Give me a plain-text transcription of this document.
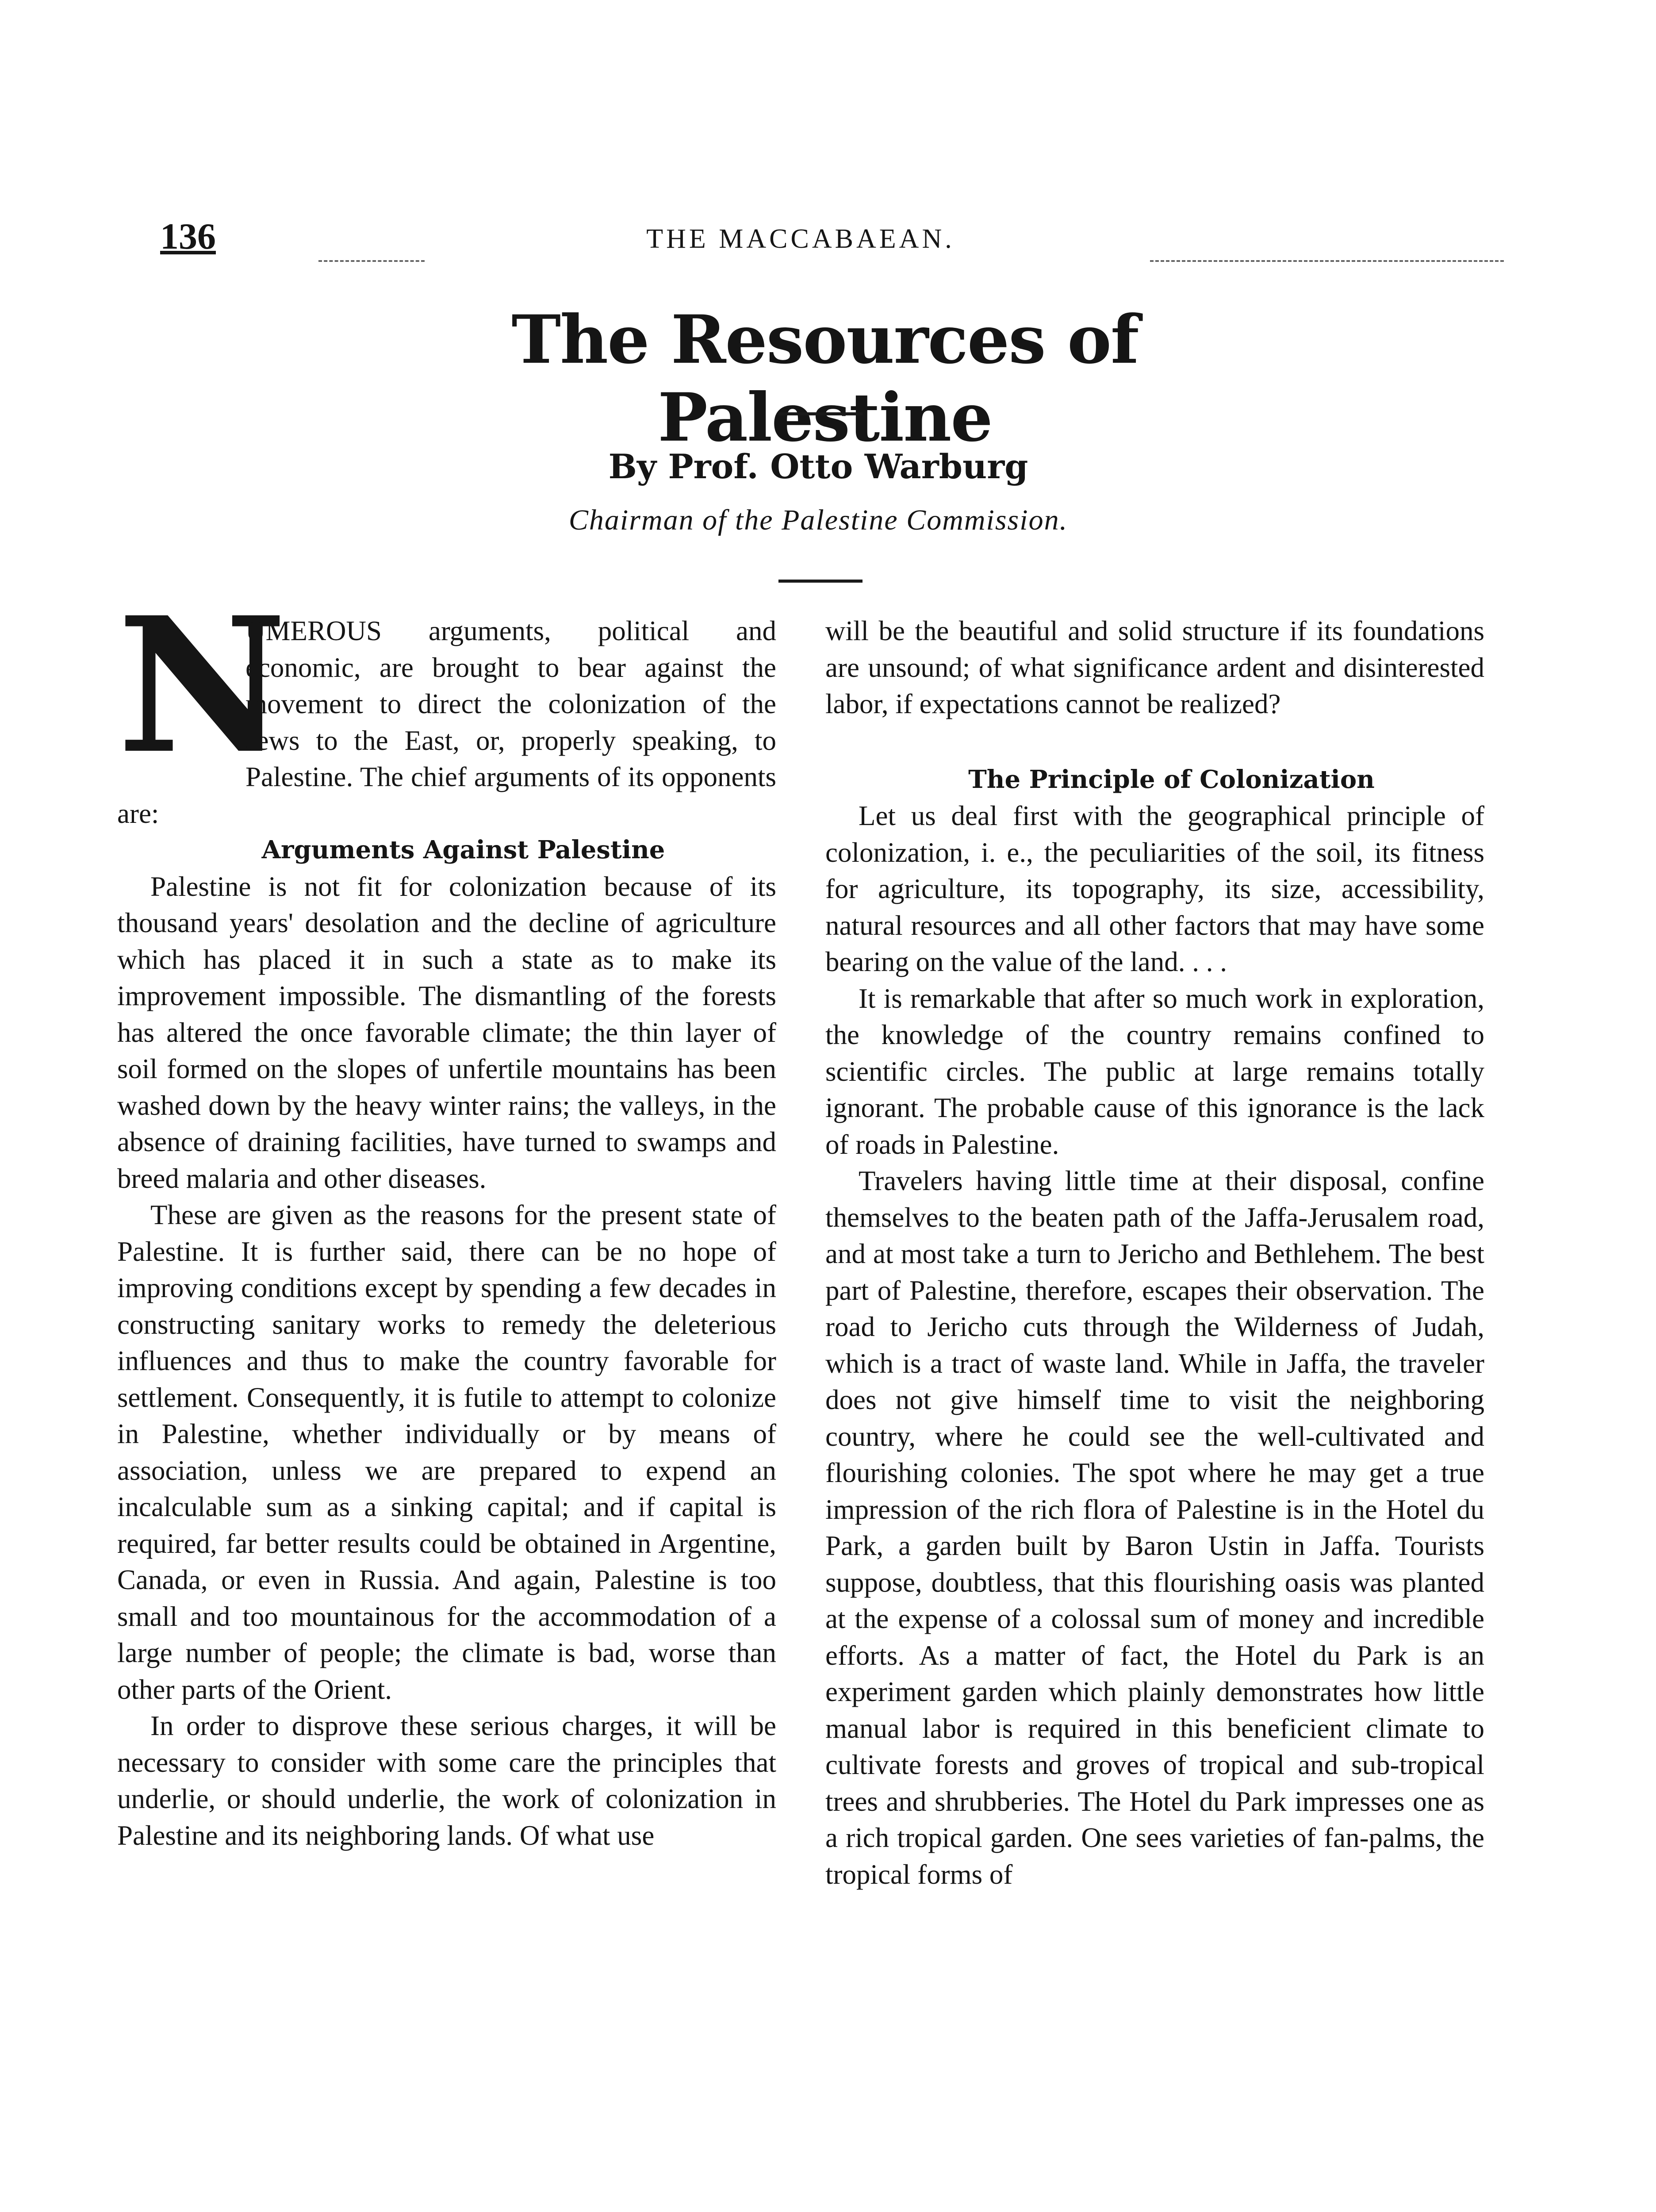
136	THE MACCABAEAN.
The Resources of Palestine
By Prof. Otto Warburg
Chairman of the Palestine Commission.
N

UMEROUS arguments, political and economic, are brought to bear against the movement to direct the colonization of the Jews to the East, or, properly speaking, to Palestine. The chief arguments of its opponents are:

Arguments Against Palestine

Palestine is not fit for colonization because of its thousand years' desolation and the decline of agriculture which has placed it in such a state as to make its improvement impossible. The dismantling of the forests has altered the once favorable climate; the thin layer of soil formed on the slopes of unfertile mountains has been washed down by the heavy winter rains; the valleys, in the absence of draining facilities, have turned to swamps and breed malaria and other diseases.

These are given as the reasons for the present state of Palestine. It is further said, there can be no hope of improving conditions except by spending a few decades in constructing sanitary works to remedy the deleterious influences and thus to make the country favorable for settlement. Consequently, it is futile to attempt to colonize in Palestine, whether individually or by means of association, unless we are prepared to expend an incalculable sum as a sinking capital; and if capital is required, far better results could be obtained in Argentine, Canada, or even in Russia. And again, Palestine is too small and too mountainous for the accommodation of a large number of people; the climate is bad, worse than other parts of the Orient.

In order to disprove these serious charges, it will be necessary to consider with some care the principles that underlie, or should underlie, the work of colonization in Palestine and its neighboring lands. Of what use

will be the beautiful and solid structure if its foundations are unsound; of what significance ardent and disinterested labor, if expectations cannot be realized?

The Principle of Colonization

Let us deal first with the geographical principle of colonization, i. e., the peculiarities of the soil, its fitness for agriculture, its topography, its size, accessibility, natural resources and all other factors that may have some bearing on the value of the land. . . .

It is remarkable that after so much work in exploration, the knowledge of the country remains confined to scientific circles. The public at large remains totally ignorant. The probable cause of this ignorance is the lack of roads in Palestine.

Travelers having little time at their disposal, confine themselves to the beaten path of the Jaffa-Jerusalem road, and at most take a turn to Jericho and Bethlehem. The best part of Palestine, therefore, escapes their observation. The road to Jericho cuts through the Wilderness of Judah, which is a tract of waste land. While in Jaffa, the traveler does not give himself time to visit the neighboring country, where he could see the well-cultivated and flourishing colonies. The spot where he may get a true impression of the rich flora of Palestine is in the Hotel du Park, a garden built by Baron Ustin in Jaffa. Tourists suppose, doubtless, that this flourishing oasis was planted at the expense of a colossal sum of money and incredible efforts. As a matter of fact, the Hotel du Park is an experiment garden which plainly demonstrates how little manual labor is required in this beneficient climate to cultivate forests and groves of tropical and sub-tropical trees and shrubberies. The Hotel du Park impresses one as a rich tropical garden. One sees varieties of fan-palms, the tropical forms of
